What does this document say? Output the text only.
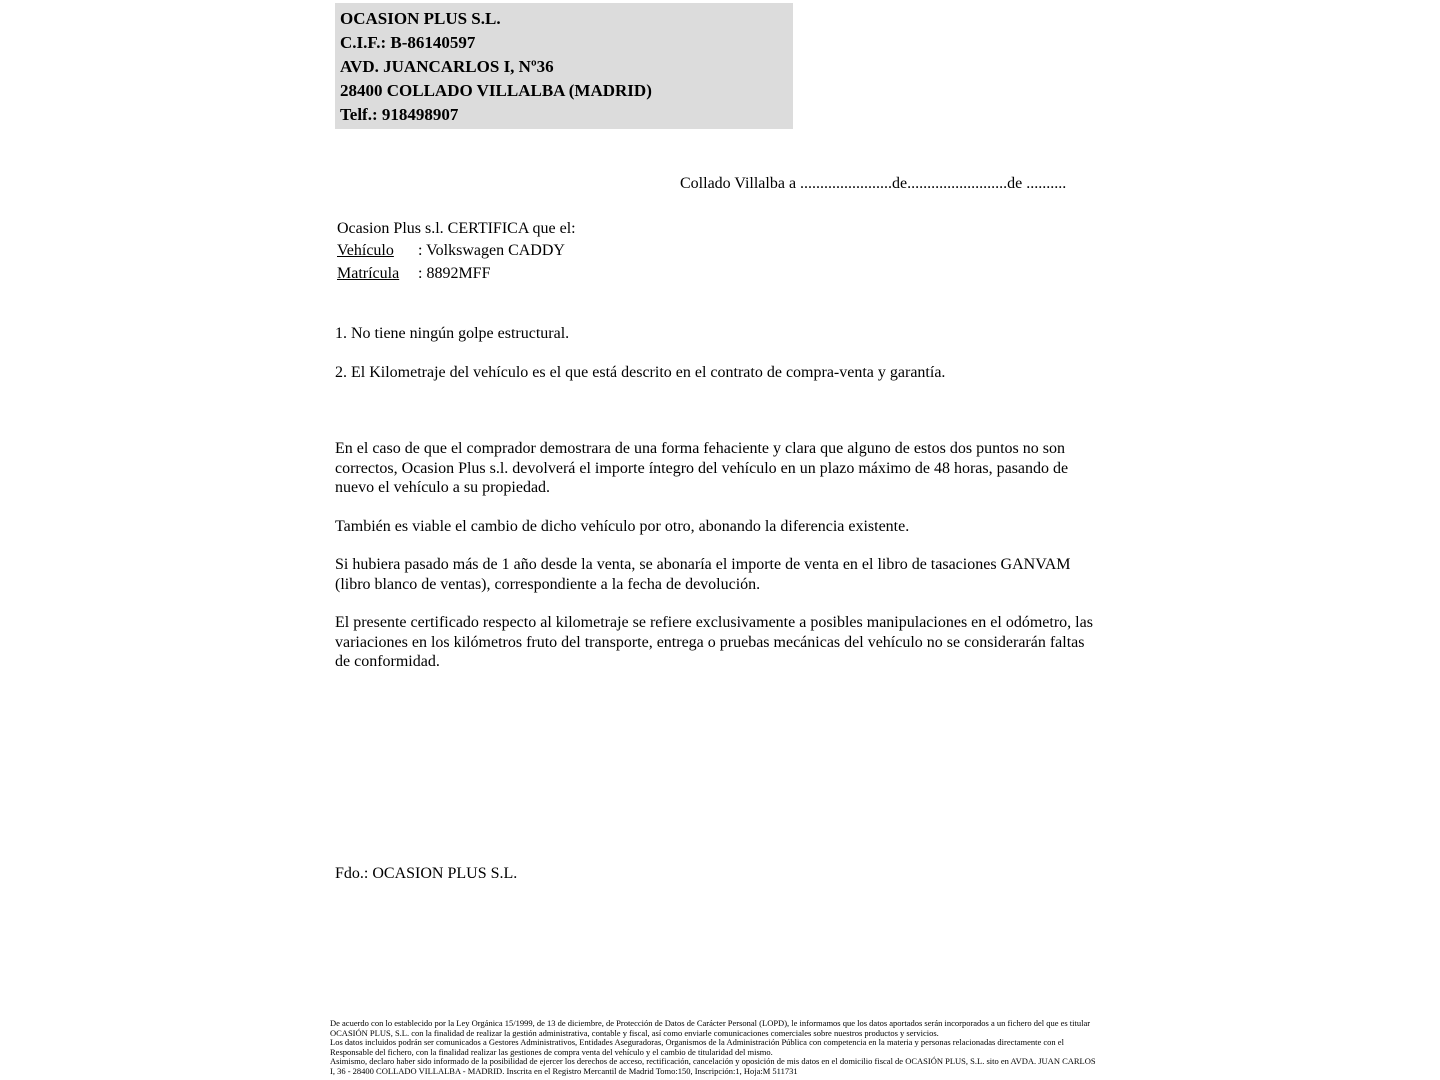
OCASION PLUS S.L.
C.I.F.: B-86140597
AVD. JUANCARLOS I, Nº36
28400 COLLADO VILLALBA (MADRID)
Telf.: 918498907
Collado Villalba a .......................de.........................de ..........
Ocasion Plus s.l. CERTIFICA que el:
Vehículo : Volkswagen CADDY
Matrícula : 8892MFF
1. No tiene ningún golpe estructural.
2. El Kilometraje del vehículo es el que está descrito en el contrato de compra-venta y garantía.
En el caso de que el comprador demostrara de una forma fehaciente y clara que alguno de estos dos puntos no son correctos, Ocasion Plus s.l. devolverá el importe íntegro del vehículo en un plazo máximo de 48 horas, pasando de nuevo el vehículo a su propiedad.
También es viable el cambio de dicho vehículo por otro, abonando la diferencia existente.
Si hubiera pasado más de 1 año desde la venta, se abonaría el importe de venta en el libro de tasaciones GANVAM (libro blanco de ventas), correspondiente a la fecha de devolución.
El presente certificado respecto al kilometraje se refiere exclusivamente a posibles manipulaciones en el odómetro, las variaciones en los kilómetros fruto del transporte, entrega o pruebas mecánicas del vehículo no se considerarán faltas de conformidad.
Fdo.: OCASION PLUS S.L.

De acuerdo con lo establecido por la Ley Orgánica 15/1999, de 13 de diciembre, de Protección de Datos de Carácter Personal (LOPD), le informamos que los datos aportados serán incorporados a un fichero del que es titular OCASIÓN PLUS, S.L. con la finalidad de realizar la gestión administrativa, contable y fiscal, así como enviarle comunicaciones comerciales sobre nuestros productos y servicios.

Los datos incluidos podrán ser comunicados a Gestores Administrativos, Entidades Aseguradoras, Organismos de la Administración Pública con competencia en la materia y personas relacionadas directamente con el Responsable del fichero, con la finalidad realizar las gestiones de compra venta del vehículo y el cambio de titularidad del mismo.

Asimismo, declaro haber sido informado de la posibilidad de ejercer los derechos de acceso, rectificación, cancelación y oposición de mis datos en el domicilio fiscal de OCASIÓN PLUS, S.L. sito en AVDA. JUAN CARLOS I, 36 - 28400 COLLADO VILLALBA - MADRID. Inscrita en el Registro Mercantil de Madrid Tomo:150, Inscripción:1, Hoja:M 511731
